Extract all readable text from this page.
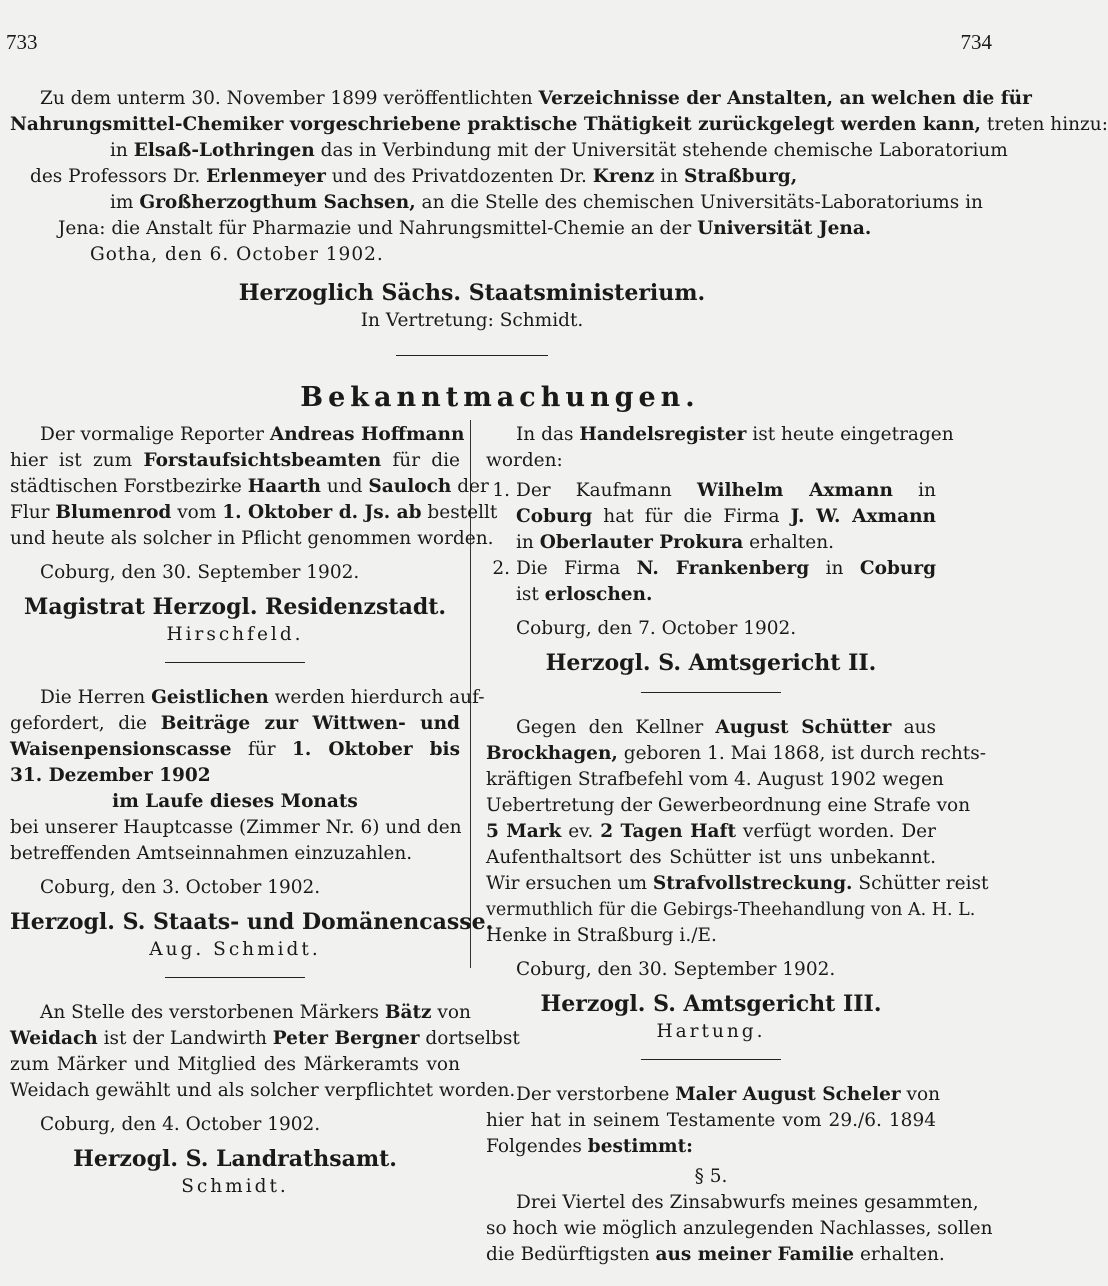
733	734
Zu dem unterm 30. November 1899 veröffentlichten Verzeichnisse der Anstalten, an welchen die für
Nahrungsmittel-Chemiker vorgeschriebene praktische Thätigkeit zurückgelegt werden kann, treten hinzu:
in Elsaß-Lothringen das in Verbindung mit der Universität stehende chemische Laboratorium
des Professors Dr. Erlenmeyer und des Privatdozenten Dr. Krenz in Straßburg,
im Großherzogthum Sachsen, an die Stelle des chemischen Universitäts-Laboratoriums in
Jena: die Anstalt für Pharmazie und Nahrungsmittel-Chemie an der Universität Jena.
Gotha, den 6. October 1902.
Herzoglich Sächs. Staatsministerium.
In Vertretung: Schmidt.
Bekanntmachungen.
Der vormalige Reporter Andreas Hoffmann
hier ist zum Forstaufsichtsbeamten für die
städtischen Forstbezirke Haarth und Sauloch der
Flur Blumenrod vom 1. Oktober d. Js. ab bestellt
und heute als solcher in Pflicht genommen worden.
Coburg, den 30. September 1902.
Magistrat Herzogl. Residenzstadt.
Hirschfeld.
Die Herren Geistlichen werden hierdurch auf-
gefordert, die Beiträge zur Wittwen- und
Waisenpensionscasse für 1. Oktober bis
31. Dezember 1902
im Laufe dieses Monats
bei unserer Hauptcasse (Zimmer Nr. 6) und den
betreffenden Amtseinnahmen einzuzahlen.
Coburg, den 3. October 1902.
Herzogl. S. Staats- und Domänencasse.
Aug. Schmidt.
An Stelle des verstorbenen Märkers Bätz von
Weidach ist der Landwirth Peter Bergner dortselbst
zum Märker und Mitglied des Märkeramts von
Weidach gewählt und als solcher verpflichtet worden.
Coburg, den 4. October 1902.
Herzogl. S. Landrathsamt.
Schmidt.
In das Handelsregister ist heute eingetragen
worden:
1. Der Kaufmann Wilhelm Axmann in
Coburg hat für die Firma J. W. Axmann
in Oberlauter Prokura erhalten.
2. Die Firma N. Frankenberg in Coburg
ist erloschen.
Coburg, den 7. October 1902.
Herzogl. S. Amtsgericht II.
Gegen den Kellner August Schütter aus
Brockhagen, geboren 1. Mai 1868, ist durch rechts-
kräftigen Strafbefehl vom 4. August 1902 wegen
Uebertretung der Gewerbeordnung eine Strafe von
5 Mark ev. 2 Tagen Haft verfügt worden. Der
Aufenthaltsort des Schütter ist uns unbekannt.
Wir ersuchen um Strafvollstreckung. Schütter reist
vermuthlich für die Gebirgs-Theehandlung von A. H. L.
Henke in Straßburg i./E.
Coburg, den 30. September 1902.
Herzogl. S. Amtsgericht III.
Hartung.
Der verstorbene Maler August Scheler von
hier hat in seinem Testamente vom 29./6. 1894
Folgendes bestimmt:
§ 5.
Drei Viertel des Zinsabwurfs meines gesammten,
so hoch wie möglich anzulegenden Nachlasses, sollen
die Bedürftigsten aus meiner Familie erhalten.
